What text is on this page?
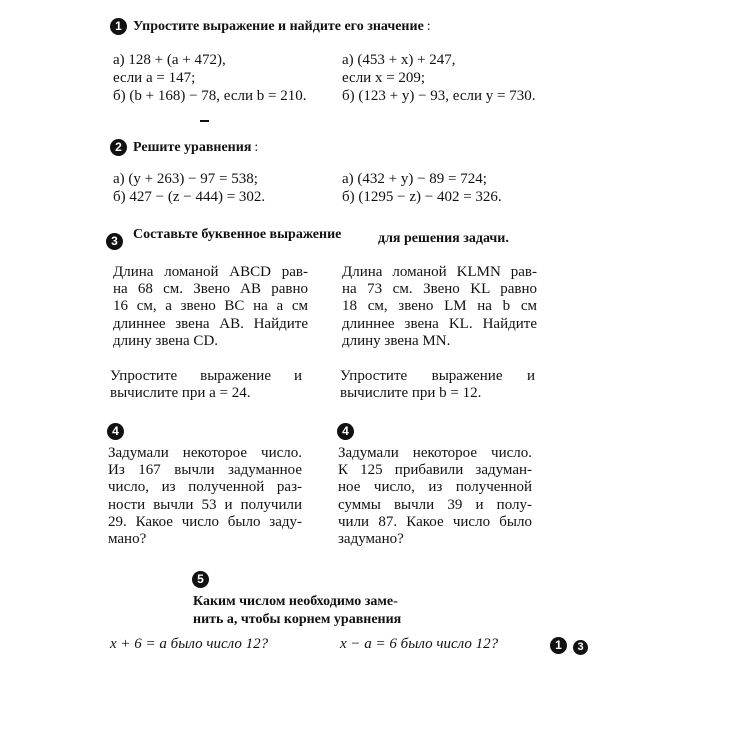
1 Упростите выражение и найдите его значение :
а) 128 + (a + 472),
если a = 147;
б) (b + 168) − 78, если b = 210.
а) (453 + x) + 247,
если x = 209;
б) (123 + y) − 93, если y = 730.
2 Решите уравнения :
а) (y + 263) − 97 = 538;
б) 427 − (z − 444) = 302.
а) (432 + y) − 89 = 724;
б) (1295 − z) − 402 = 326.
3	Составьте буквенное выражение	для решения задачи.
Длина ломаной ABCD рав-
на 68 см. Звено AB равно
16 см, а звено BC на a см
длиннее звена AB. Найдите
длину звена CD.
Длина ломаной KLMN рав-
на 73 см. Звено KL равно
18 см, звено LM на b см
длиннее звена KL. Найдите
длину звена MN.
Упростите выражение и
вычислите при a = 24.
Упростите выражение и
вычислите при b = 12.
4	4
Задумали некоторое число.
Из 167 вычли задуманное
число, из полученной раз-
ности вычли 53 и получили
29. Какое число было заду-
мано?
Задумали некоторое число.
К 125 прибавили задуман-
ное число, из полученной
суммы вычли 39 и полу-
чили 87. Какое число было
задумано?
5
Каким числом необходимо заме-
нить a, чтобы корнем уравнения
x + 6 = a было число 12?	x − a = 6 было число 12?	1	3
